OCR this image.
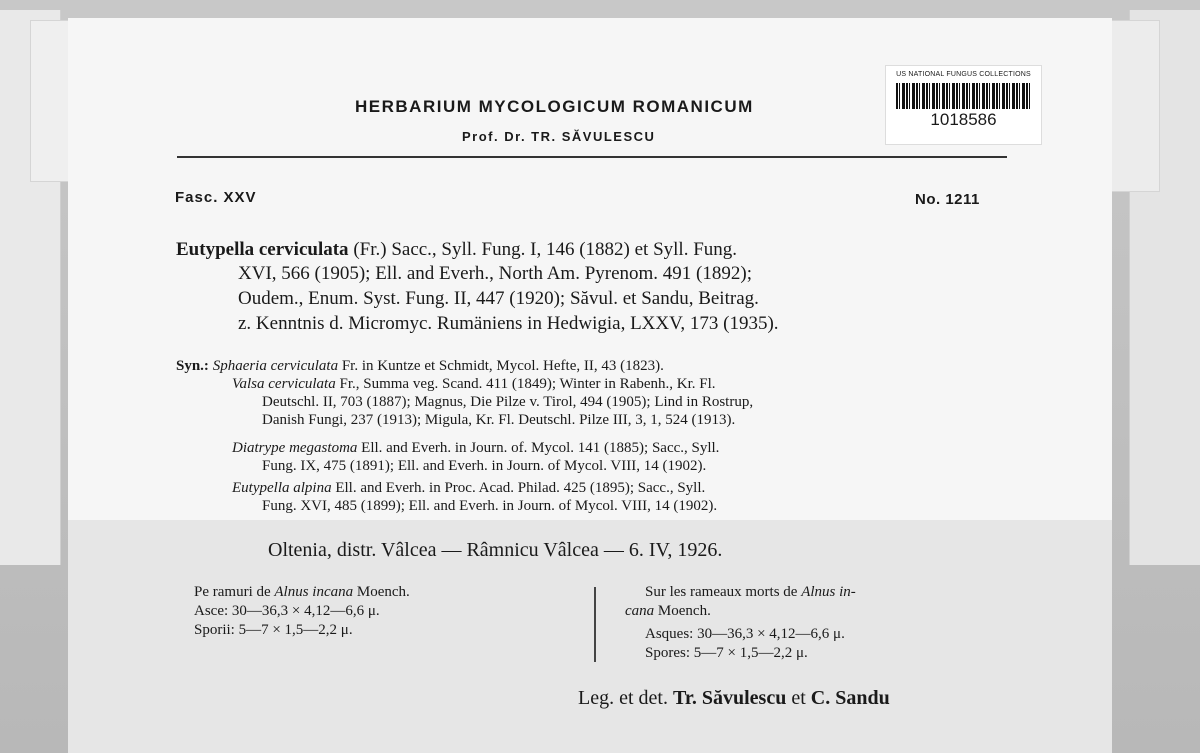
HERBARIUM MYCOLOGICUM ROMANICUM
Prof. Dr. TR. SĂVULESCU
US NATIONAL FUNGUS COLLECTIONS
1018586
Fasc. XXV	No. 1211
Eutypella cerviculata (Fr.) Sacc., Syll. Fung. I, 146 (1882) et Syll. Fung.
XVI, 566 (1905); Ell. and Everh., North Am. Pyrenom. 491 (1892);
Oudem., Enum. Syst. Fung. II, 447 (1920); Săvul. et Sandu, Beitrag.
z. Kenntnis d. Micromyc. Rumäniens in Hedwigia, LXXV, 173 (1935).
Syn.: Sphaeria cerviculata Fr. in Kuntze et Schmidt, Mycol. Hefte, II, 43 (1823).
Valsa cerviculata Fr., Summa veg. Scand. 411 (1849); Winter in Rabenh., Kr. Fl.
Deutschl. II, 703 (1887); Magnus, Die Pilze v. Tirol, 494 (1905); Lind in Rostrup,
Danish Fungi, 237 (1913); Migula, Kr. Fl. Deutschl. Pilze III, 3, 1, 524 (1913).
Diatrype megastoma Ell. and Everh. in Journ. of. Mycol. 141 (1885); Sacc., Syll.
Fung. IX, 475 (1891); Ell. and Everh. in Journ. of Mycol. VIII, 14 (1902).
Eutypella alpina Ell. and Everh. in Proc. Acad. Philad. 425 (1895); Sacc., Syll.
Fung. XVI, 485 (1899); Ell. and Everh. in Journ. of Mycol. VIII, 14 (1902).
Oltenia, distr. Vâlcea — Râmnicu Vâlcea — 6. IV, 1926.
Pe ramuri de Alnus incana Moench.
Asce: 30—36,3 × 4,12—6,6 μ.
Sporii: 5—7 × 1,5—2,2 μ.
Sur les rameaux morts de Alnus in-
cana Moench.
Asques: 30—36,3 × 4,12—6,6 μ.
Spores: 5—7 × 1,5—2,2 μ.
Leg. et det. Tr. Săvulescu et C. Sandu
